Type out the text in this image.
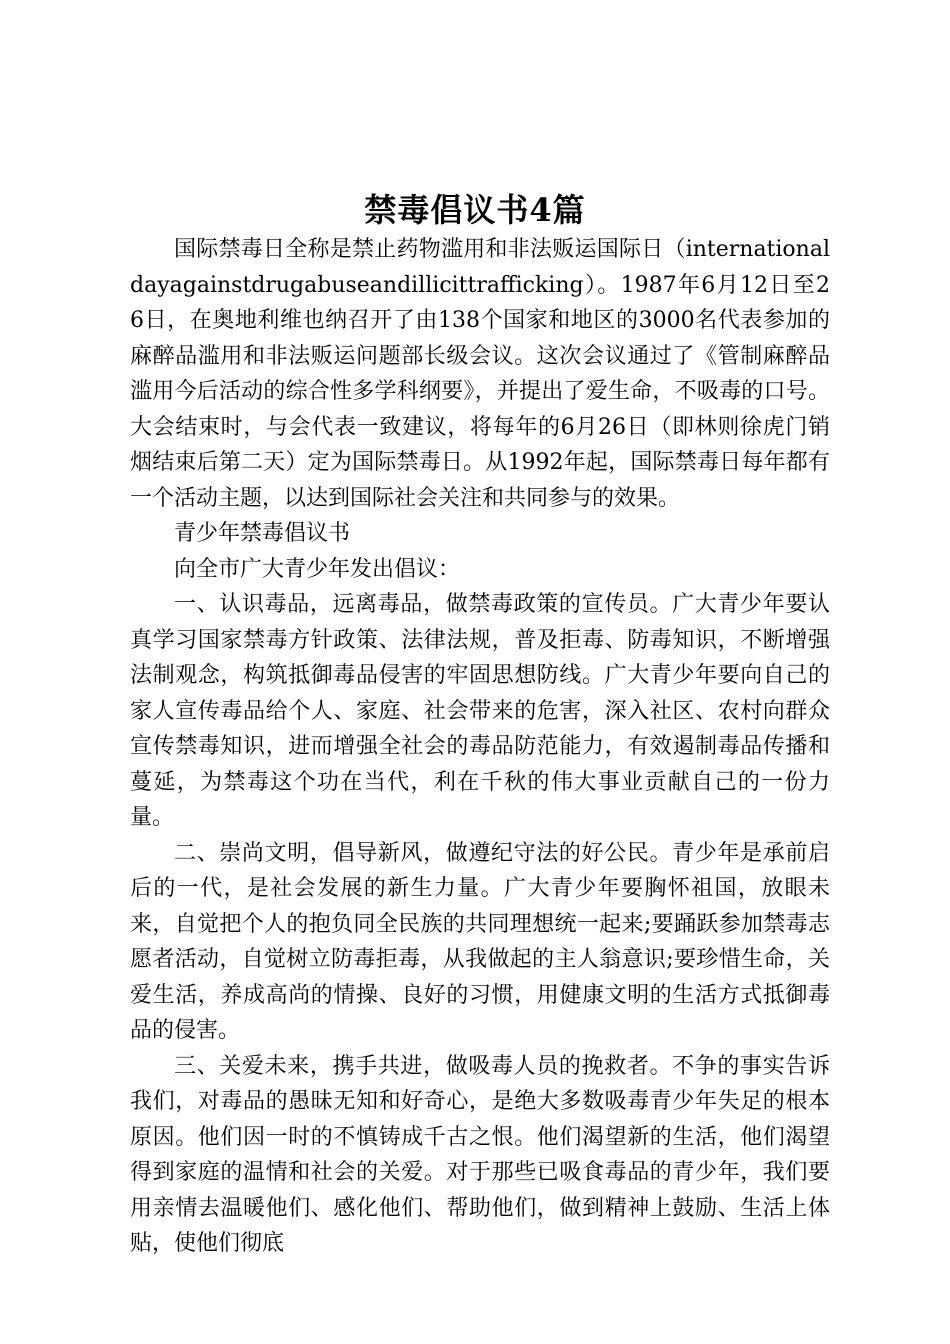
禁毒倡议书4篇

国际禁毒日全称是禁止药物滥用和非法贩运国际日（internationaldayagainstdrugabuseandillicittrafficking）。1987年6月12日至26日，在奥地利维也纳召开了由138个国家和地区的3000名代表参加的麻醉品滥用和非法贩运问题部长级会议。这次会议通过了《管制麻醉品滥用今后活动的综合性多学科纲要》，并提出了爱生命，不吸毒的口号。大会结束时，与会代表一致建议，将每年的6月26日（即林则徐虎门销烟结束后第二天）定为国际禁毒日。从1992年起，国际禁毒日每年都有一个活动主题，以达到国际社会关注和共同参与的效果。

青少年禁毒倡议书

向全市广大青少年发出倡议：

一、认识毒品，远离毒品，做禁毒政策的宣传员。广大青少年要认真学习国家禁毒方针政策、法律法规，普及拒毒、防毒知识，不断增强法制观念，构筑抵御毒品侵害的牢固思想防线。广大青少年要向自己的家人宣传毒品给个人、家庭、社会带来的危害，深入社区、农村向群众宣传禁毒知识，进而增强全社会的毒品防范能力，有效遏制毒品传播和蔓延，为禁毒这个功在当代，利在千秋的伟大事业贡献自己的一份力量。

二、崇尚文明，倡导新风，做遵纪守法的好公民。青少年是承前启后的一代，是社会发展的新生力量。广大青少年要胸怀祖国，放眼未来，自觉把个人的抱负同全民族的共同理想统一起来;要踊跃参加禁毒志愿者活动，自觉树立防毒拒毒，从我做起的主人翁意识;要珍惜生命，关爱生活，养成高尚的情操、良好的习惯，用健康文明的生活方式抵御毒品的侵害。

三、关爱未来，携手共进，做吸毒人员的挽救者。不争的事实告诉我们，对毒品的愚昧无知和好奇心，是绝大多数吸毒青少年失足的根本原因。他们因一时的不慎铸成千古之恨。他们渴望新的生活，他们渴望得到家庭的温情和社会的关爱。对于那些已吸食毒品的青少年，我们要用亲情去温暖他们、感化他们、帮助他们，做到精神上鼓励、生活上体贴，使他们彻底
